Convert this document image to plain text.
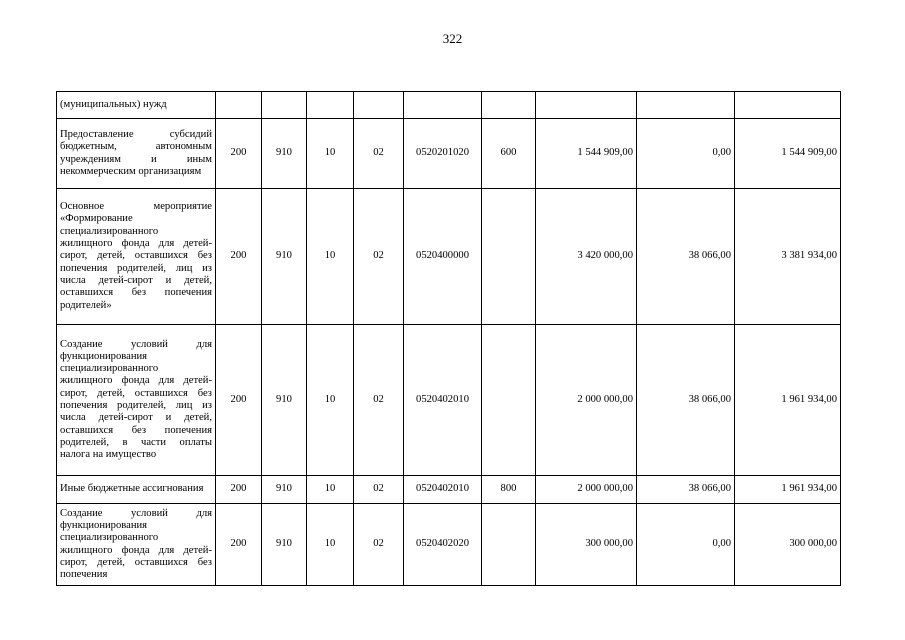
322
(муниципальных) нужд									
Предоставление субсидий бюджетным, автономным учреждениям и иным некоммерческим организациям	200	910	10	02	0520201020	600	1 544 909,00	0,00	1 544 909,00
Основное мероприятие «Формирование специализированного жилищного фонда для детей-сирот, детей, оставшихся без попечения родителей, лиц из числа детей-сирот и детей, оставшихся без попечения родителей»	200	910	10	02	0520400000		3 420 000,00	38 066,00	3 381 934,00
Создание условий для функционирования специализированного жилищного фонда для детей-сирот, детей, оставшихся без попечения родителей, лиц из числа детей-сирот и детей, оставшихся без попечения родителей, в части оплаты налога на имущество	200	910	10	02	0520402010		2 000 000,00	38 066,00	1 961 934,00
Иные бюджетные ассигнования	200	910	10	02	0520402010	800	2 000 000,00	38 066,00	1 961 934,00
Создание условий для функционирования специализированного жилищного фонда для детей-сирот, детей, оставшихся без попечения	200	910	10	02	0520402020		300 000,00	0,00	300 000,00
